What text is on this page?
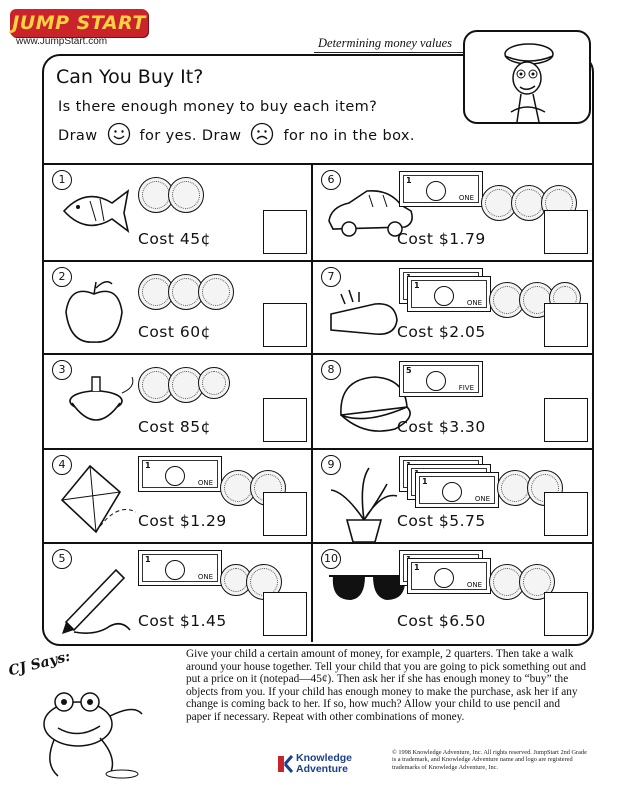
JUMP START
www.JumpStart.com	Determining money values
Can You Buy It?
Is there enough money to buy each item?
Draw	for yes. Draw	for no in the box.
1
Cost 45¢
2
Cost 60¢
3
Cost 85¢
4	1
ONE
Cost $1.29
5	1
ONE
Cost $1.45
6	1
ONE
Cost $1.79
7
1
ONE
Cost $2.05
8	5
FIVE
Cost $3.30
9
1
ONE
Cost $5.75
10
1
ONE
Cost $6.50
CJ Says:	Give your child a certain amount of money, for example, 2 quarters. Then take a walk around your house together. Tell your child that you are going to pick something out and put a price on it (notepad—45¢). Then ask her if she has enough money to “buy” the objects from you. If your child has enough money to make the purchase, ask her if any change is coming back to her. If so, how much? Allow your child to use pencil and paper if necessary. Repeat with other combinations of money.
Knowledge
Adventure
© 1998 Knowledge Adventure, Inc. All rights reserved. JumpStart 2nd Grade is a trademark, and Knowledge Adventure name and logo are registered trademarks of Knowledge Adventure, Inc.
